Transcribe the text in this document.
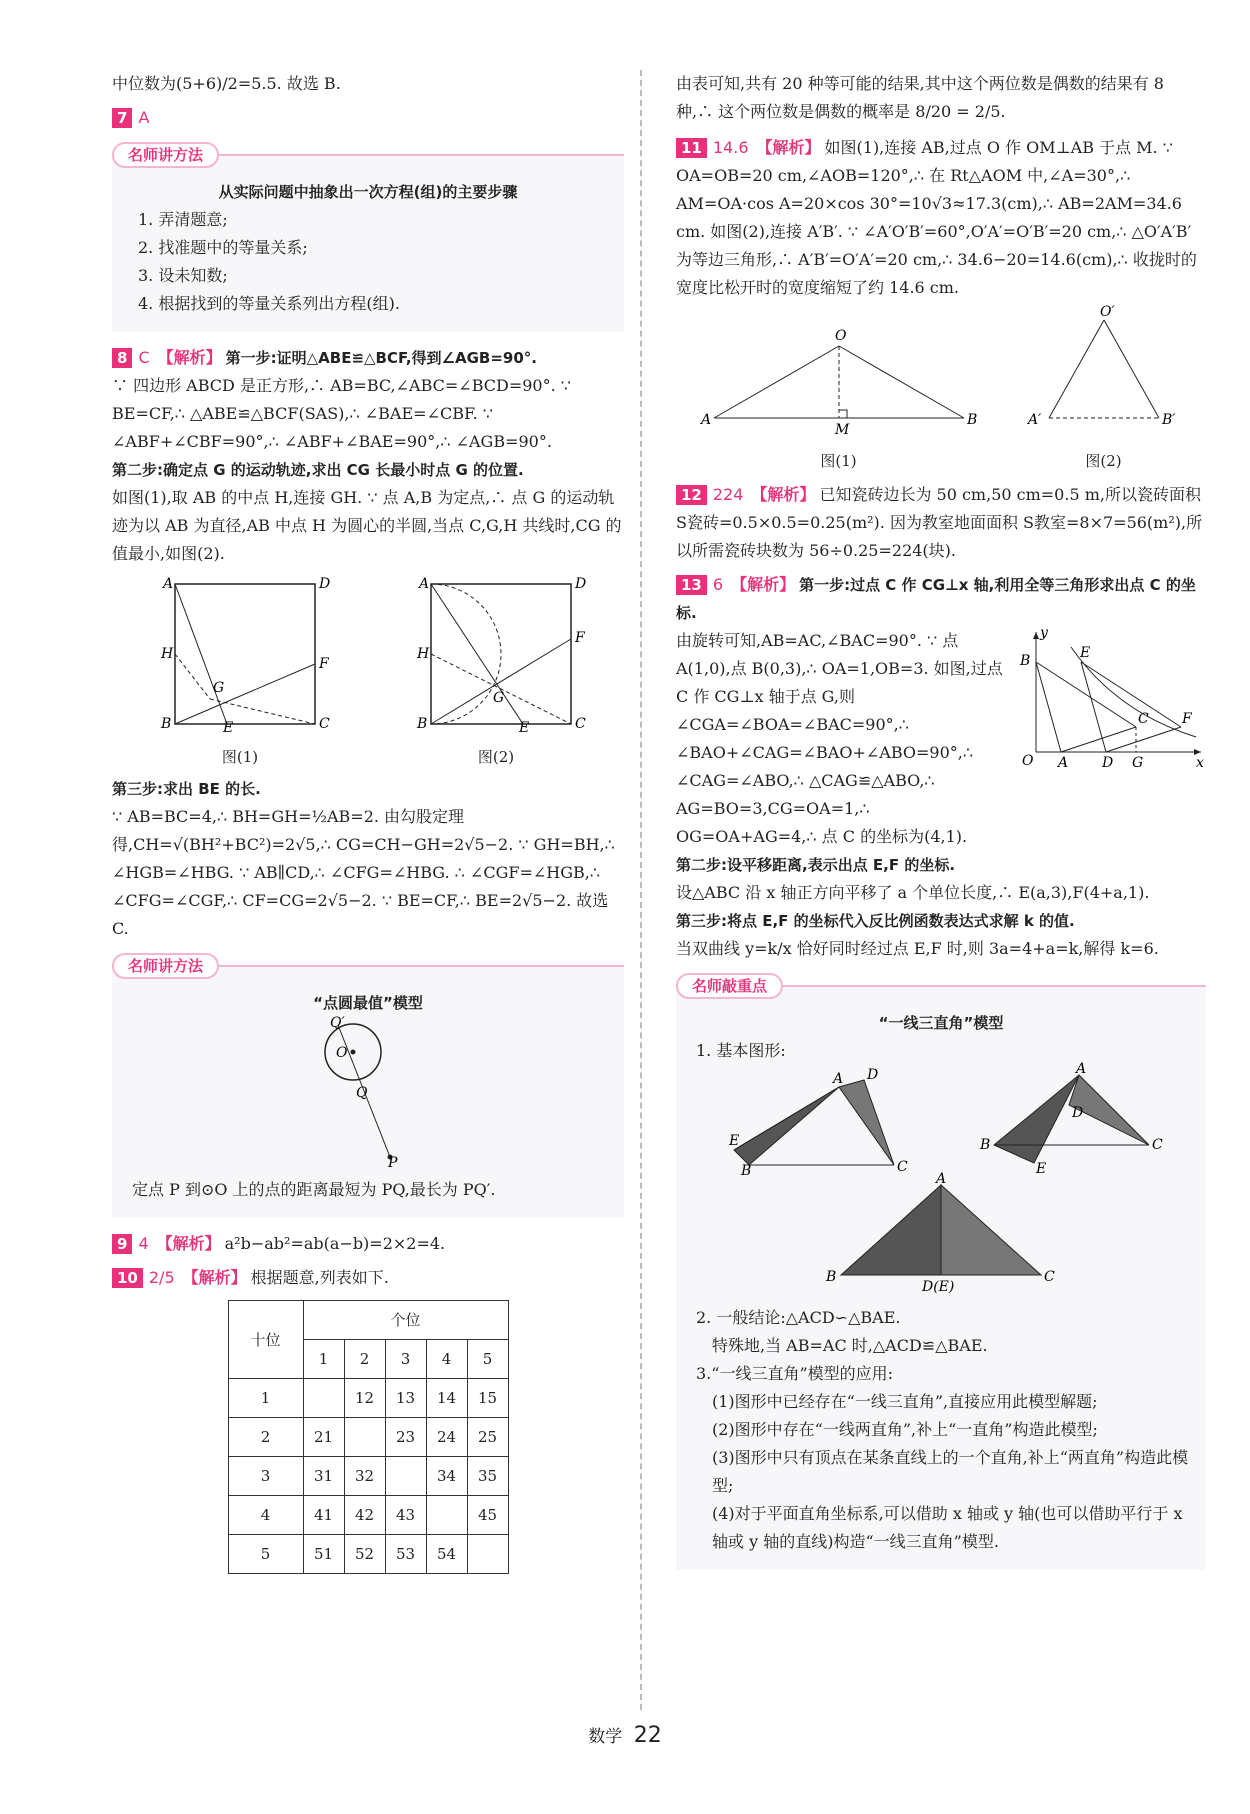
中位数为(5+6)/2=5.5. 故选 B.

7 A

名师讲方法
从实际问题中抽象出一次方程(组)的主要步骤

1. 弄清题意;

2. 找准题中的等量关系;

3. 设未知数;

4. 根据找到的等量关系列出方程(组).

8 C 【解析】 第一步:证明△ABE≌△BCF,得到∠AGB=90°.

∵ 四边形 ABCD 是正方形,∴ AB=BC,∠ABC=∠BCD=90°. ∵ BE=CF,∴ △ABE≌△BCF(SAS),∴ ∠BAE=∠CBF. ∵ ∠ABF+∠CBF=90°,∴ ∠ABF+∠BAE=90°,∴ ∠AGB=90°.

第二步:确定点 G 的运动轨迹,求出 CG 长最小时点 G 的位置.

如图(1),取 AB 的中点 H,连接 GH. ∵ 点 A,B 为定点,∴ 点 G 的运动轨迹为以 AB 为直径,AB 中点 H 为圆心的半圆,当点 C,G,H 共线时,CG 的值最小,如图(2).

A	D
H
F
G
B	E	C
图(1)
A	D
H
F
G
B	E	C
图(2)

第三步:求出 BE 的长.

∵ AB=BC=4,∴ BH=GH=½AB=2. 由勾股定理得,CH=√(BH²+BC²)=2√5,∴ CG=CH−GH=2√5−2. ∵ GH=BH,∴ ∠HGB=∠HBG. ∵ AB∥CD,∴ ∠CFG=∠HBG. ∴ ∠CGF=∠HGB,∴ ∠CFG=∠CGF,∴ CF=CG=2√5−2. ∵ BE=CF,∴ BE=2√5−2. 故选 C.

名师讲方法
“点圆最值”模型
O
Q′
Q
P

定点 P 到⊙O 上的点的距离最短为 PQ,最长为 PQ′.

9 4 【解析】 a²b−ab²=ab(a−b)=2×2=4.

10 2/5 【解析】 根据题意,列表如下.

十位	个位				
	1	2	3	4	5
1		12	13	14	15
2	21		23	24	25
3	31	32		34	35
4	41	42	43		45
5	51	52	53	54	

由表可知,共有 20 种等可能的结果,其中这个两位数是偶数的结果有 8 种,∴ 这个两位数是偶数的概率是 8/20 = 2/5.

11 14.6 【解析】 如图(1),连接 AB,过点 O 作 OM⊥AB 于点 M. ∵ OA=OB=20 cm,∠AOB=120°,∴ 在 Rt△AOM 中,∠A=30°,∴ AM=OA·cos A=20×cos 30°=10√3≈17.3(cm),∴ AB=2AM=34.6 cm. 如图(2),连接 A′B′. ∵ ∠A′O′B′=60°,O′A′=O′B′=20 cm,∴ △O′A′B′为等边三角形,∴ A′B′=O′A′=20 cm,∴ 34.6−20=14.6(cm),∴ 收拢时的宽度比松开时的宽度缩短了约 14.6 cm.

O
A	B
M
图(1)
O′
A′	B′
图(2)

12 224 【解析】 已知瓷砖边长为 50 cm,50 cm=0.5 m,所以瓷砖面积 S瓷砖=0.5×0.5=0.25(m²). 因为教室地面面积 S教室=8×7=56(m²),所以所需瓷砖块数为 56÷0.25=224(块).

13 6 【解析】 第一步:过点 C 作 CG⊥x 轴,利用全等三角形求出点 C 的坐标.

由旋转可知,AB=AC,∠BAC=90°. ∵ 点 A(1,0),点 B(0,3),∴ OA=1,OB=3. 如图,过点 C 作 CG⊥x 轴于点 G,则∠CGA=∠BOA=∠BAC=90°,∴ ∠BAO+∠CAG=∠BAO+∠ABO=90°,∴ ∠CAG=∠ABO,∴ △CAG≌△ABO,∴ AG=BO=3,CG=OA=1,∴ OG=OA+AG=4,∴ 点 C 的坐标为(4,1).

y
x
O A
B	E
C F
D G

第二步:设平移距离,表示出点 E,F 的坐标.

设△ABC 沿 x 轴正方向平移了 a 个单位长度,∴ E(a,3),F(4+a,1).

第三步:将点 E,F 的坐标代入反比例函数表达式求解 k 的值.

当双曲线 y=k/x 恰好同时经过点 E,F 时,则 3a=4+a=k,解得 k=6.

名师敲重点
“一线三直角”模型

1. 基本图形:

E
A D
B	C
A
D
B	C
E
A
B	C
D(E)

2. 一般结论:△ACD∽△BAE.

特殊地,当 AB=AC 时,△ACD≌△BAE.

3.“一线三直角”模型的应用:

(1)图形中已经存在“一线三直角”,直接应用此模型解题;

(2)图形中存在“一线两直角”,补上“一直角”构造此模型;

(3)图形中只有顶点在某条直线上的一个直角,补上“两直角”构造此模型;

(4)对于平面直角坐标系,可以借助 x 轴或 y 轴(也可以借助平行于 x 轴或 y 轴的直线)构造“一线三直角”模型.

数学 22
